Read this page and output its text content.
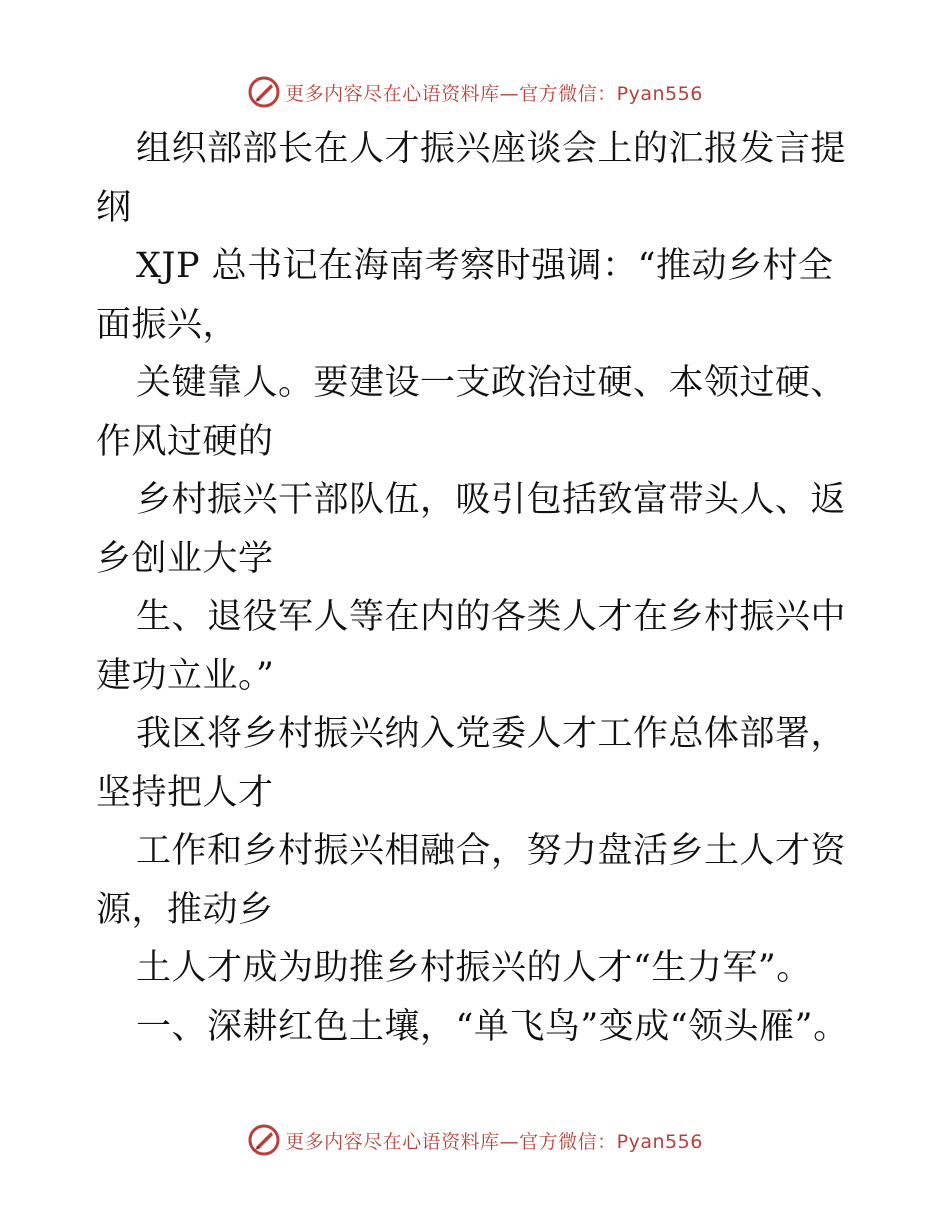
更多内容尽在心语资料库—官方微信：Pyan556

组织部部长在人才振兴座谈会上的汇报发言提纲

XJP 总书记在海南考察时强调：“推动乡村全面振兴，

关键靠人。要建设一支政治过硬、本领过硬、作风过硬的

乡村振兴干部队伍，吸引包括致富带头人、返乡创业大学

生、退役军人等在内的各类人才在乡村振兴中建功立业。”

我区将乡村振兴纳入党委人才工作总体部署，坚持把人才

工作和乡村振兴相融合，努力盘活乡土人才资源，推动乡

土人才成为助推乡村振兴的人才“生力军”。

一、深耕红色土壤，“单飞鸟”变成“领头雁”。

更多内容尽在心语资料库—官方微信：Pyan556
